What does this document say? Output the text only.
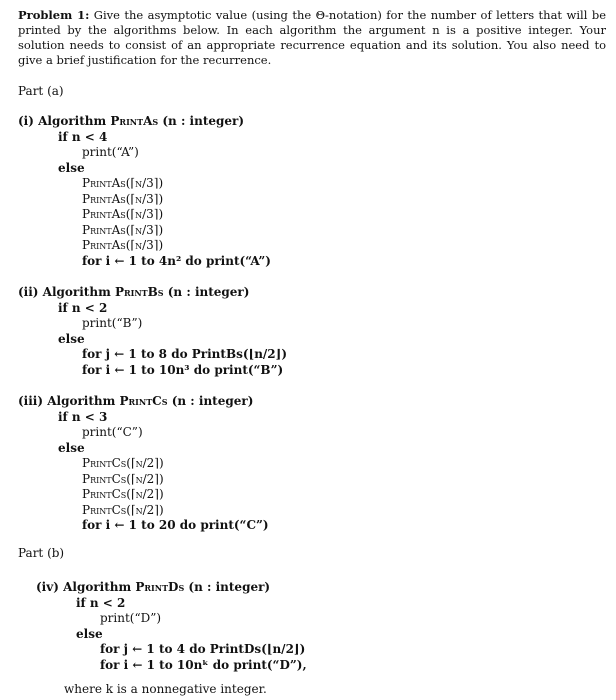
Problem 1: Give the asymptotic value (using the Θ-notation) for the number of letters that will be printed by the algorithms below. In each algorithm the argument n is a positive integer. Your solution needs to consist of an appropriate recurrence equation and its solution. You also need to give a brief justification for the recurrence.
Part (a)
(i) Algorithm PrintAs (n : integer)
if n < 4
print(“A”)
else
PrintAs(⌈n/3⌉)
PrintAs(⌈n/3⌉)
PrintAs(⌈n/3⌉)
PrintAs(⌈n/3⌉)
PrintAs(⌈n/3⌉)
for i ← 1 to 4n² do print(“A”)
(ii) Algorithm PrintBs (n : integer)
if n < 2
print(“B”)
else
for j ← 1 to 8 do PrintBs(⌊n/2⌋)
for i ← 1 to 10n³ do print(“B”)
(iii) Algorithm PrintCs (n : integer)
if n < 3
print(“C”)
else
PrintCs(⌈n/2⌉)
PrintCs(⌈n/2⌉)
PrintCs(⌈n/2⌉)
PrintCs(⌈n/2⌉)
for i ← 1 to 20 do print(“C”)
Part (b)
(iv) Algorithm PrintDs (n : integer)
if n < 2
print(“D”)
else
for j ← 1 to 4 do PrintDs(⌊n/2⌋)
for i ← 1 to 10nᵏ do print(“D”),
where k is a nonnegative integer.
